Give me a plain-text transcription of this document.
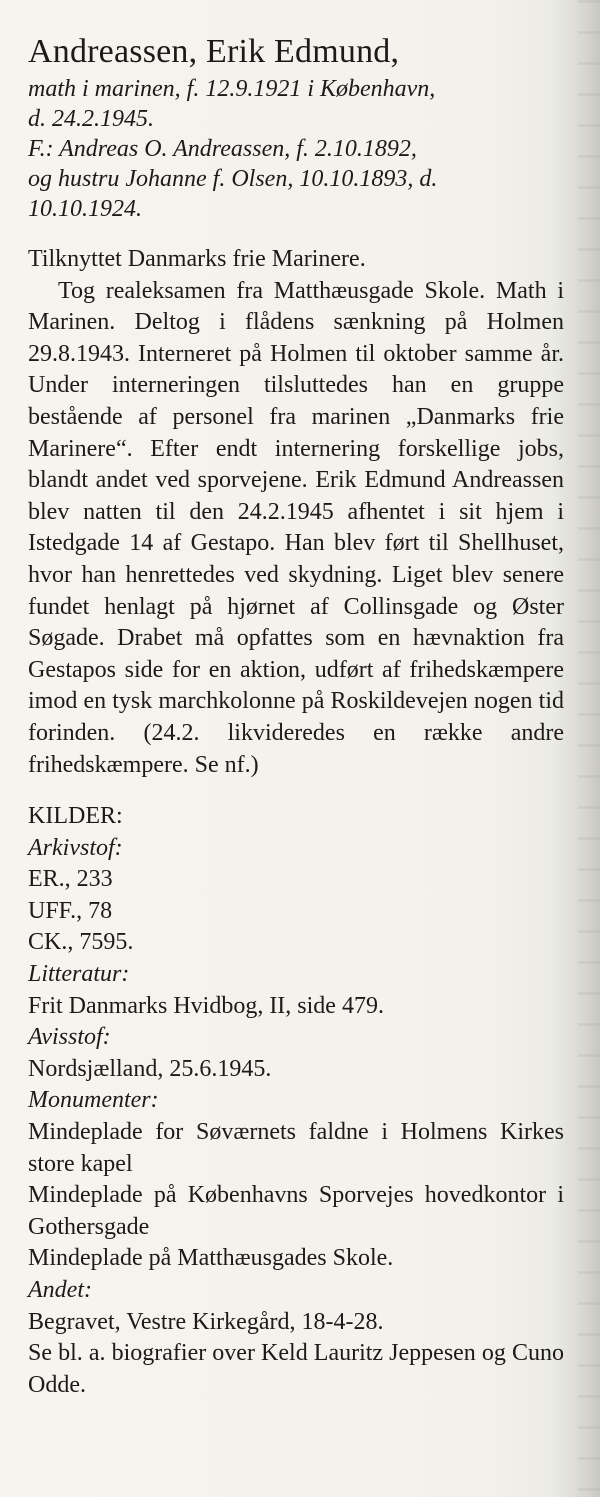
Andreassen, Erik Edmund,

math i marinen, f. 12.9.1921 i København,

d. 24.2.1945.

F.: Andreas O. Andreassen, f. 2.10.1892,

og hustru Johanne f. Olsen, 10.10.1893, d.

10.10.1924.

Tilknyttet Danmarks frie Marinere.

Tog realeksamen fra Matthæusgade Skole. Math i Marinen. Deltog i flådens sænkning på Holmen 29.8.1943. Interneret på Holmen til oktober samme år. Under interneringen tilsluttedes han en gruppe bestående af personel fra marinen „Danmarks frie Marinere“. Efter endt internering forskellige jobs, blandt andet ved sporvejene. Erik Edmund Andreassen blev natten til den 24.2.1945 afhentet i sit hjem i Istedgade 14 af Gestapo. Han blev ført til Shellhuset, hvor han henrettedes ved skydning. Liget blev senere fundet henlagt på hjørnet af Collinsgade og Øster Søgade. Drabet må opfattes som en hævnaktion fra Gestapos side for en aktion, udført af frihedskæmpere imod en tysk marchkolonne på Roskildevejen nogen tid forinden. (24.2. likvideredes en række andre frihedskæmpere. Se nf.)

KILDER:

Arkivstof:

ER., 233

UFF., 78

CK., 7595.

Litteratur:

Frit Danmarks Hvidbog, II, side 479.

Avisstof:

Nordsjælland, 25.6.1945.

Monumenter:

Mindeplade for Søværnets faldne i Holmens Kirkes store kapel

Mindeplade på Københavns Sporvejes hovedkontor i Gothersgade

Mindeplade på Matthæusgades Skole.

Andet:

Begravet, Vestre Kirkegård, 18-4-28.

Se bl. a. biografier over Keld Lauritz Jeppesen og Cuno Odde.
